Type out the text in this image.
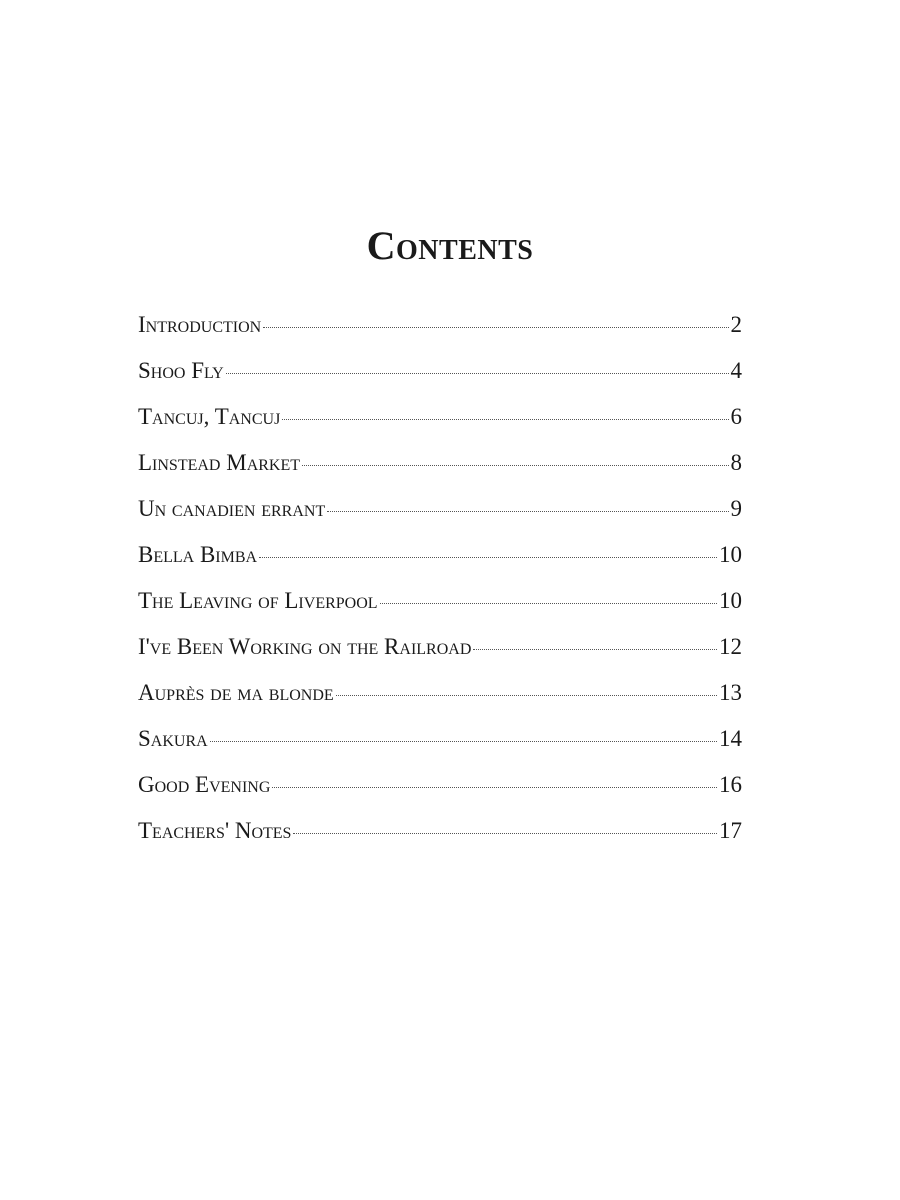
Contents
Introduction	2
Shoo Fly	4
Tancuj, Tancuj	6
Linstead Market	8
Un canadien errant	9
Bella Bimba	10
The Leaving of Liverpool	10
I've Been Working on the Railroad	12
Auprès de ma blonde	13
Sakura	14
Good Evening	16
Teachers' Notes	17
